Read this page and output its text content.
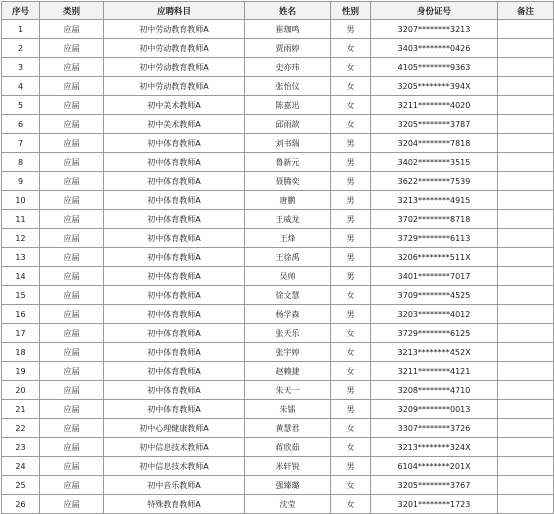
序号	类别	应聘科目	姓名	性别	身份证号	备注
1	应届	初中劳动教育教师A	崔珈鸣	男	3207********3213	
2	应届	初中劳动教育教师A	贾雨婷	女	3403********0426	
3	应届	初中劳动教育教师A	史亦玮	女	4105********9363	
4	应届	初中劳动教育教师A	张怡仪	女	3205********394X	
5	应届	初中美术教师A	陈嘉迅	女	3211********4020	
6	应届	初中美术教师A	邱雨歆	女	3205********3787	
7	应届	初中体育教师A	刘书瑞	男	3204********7818	
8	应届	初中体育教师A	鲁新元	男	3402********3515	
9	应届	初中体育教师A	聂腾奕	男	3622********7539	
10	应届	初中体育教师A	唐鹏	男	3213********4915	
11	应届	初中体育教师A	王威龙	男	3702********8718	
12	应届	初中体育教师A	王烽	男	3729********6113	
13	应届	初中体育教师A	王徐禹	男	3206********511X	
14	应届	初中体育教师A	吴帅	男	3401********7017	
15	应届	初中体育教师A	徐文慧	女	3709********4525	
16	应届	初中体育教师A	杨学森	男	3203********4012	
17	应届	初中体育教师A	张天乐	女	3729********6125	
18	应届	初中体育教师A	张宇婷	女	3213********452X	
19	应届	初中体育教师A	赵赖捷	女	3211********4121	
20	应届	初中体育教师A	朱天一	男	3208********4710	
21	应届	初中体育教师A	朱镭	男	3209********0013	
22	应届	初中心理健康教师A	黄慧君	女	3307********3726	
23	应届	初中信息技术教师A	蒋欣茹	女	3213********324X	
24	应届	初中信息技术教师A	米轩锐	男	6104********201X	
25	应届	初中音乐教师A	强臻璐	女	3205********3767	
26	应届	特殊教育教师A	沈莹	女	3201********1723	
